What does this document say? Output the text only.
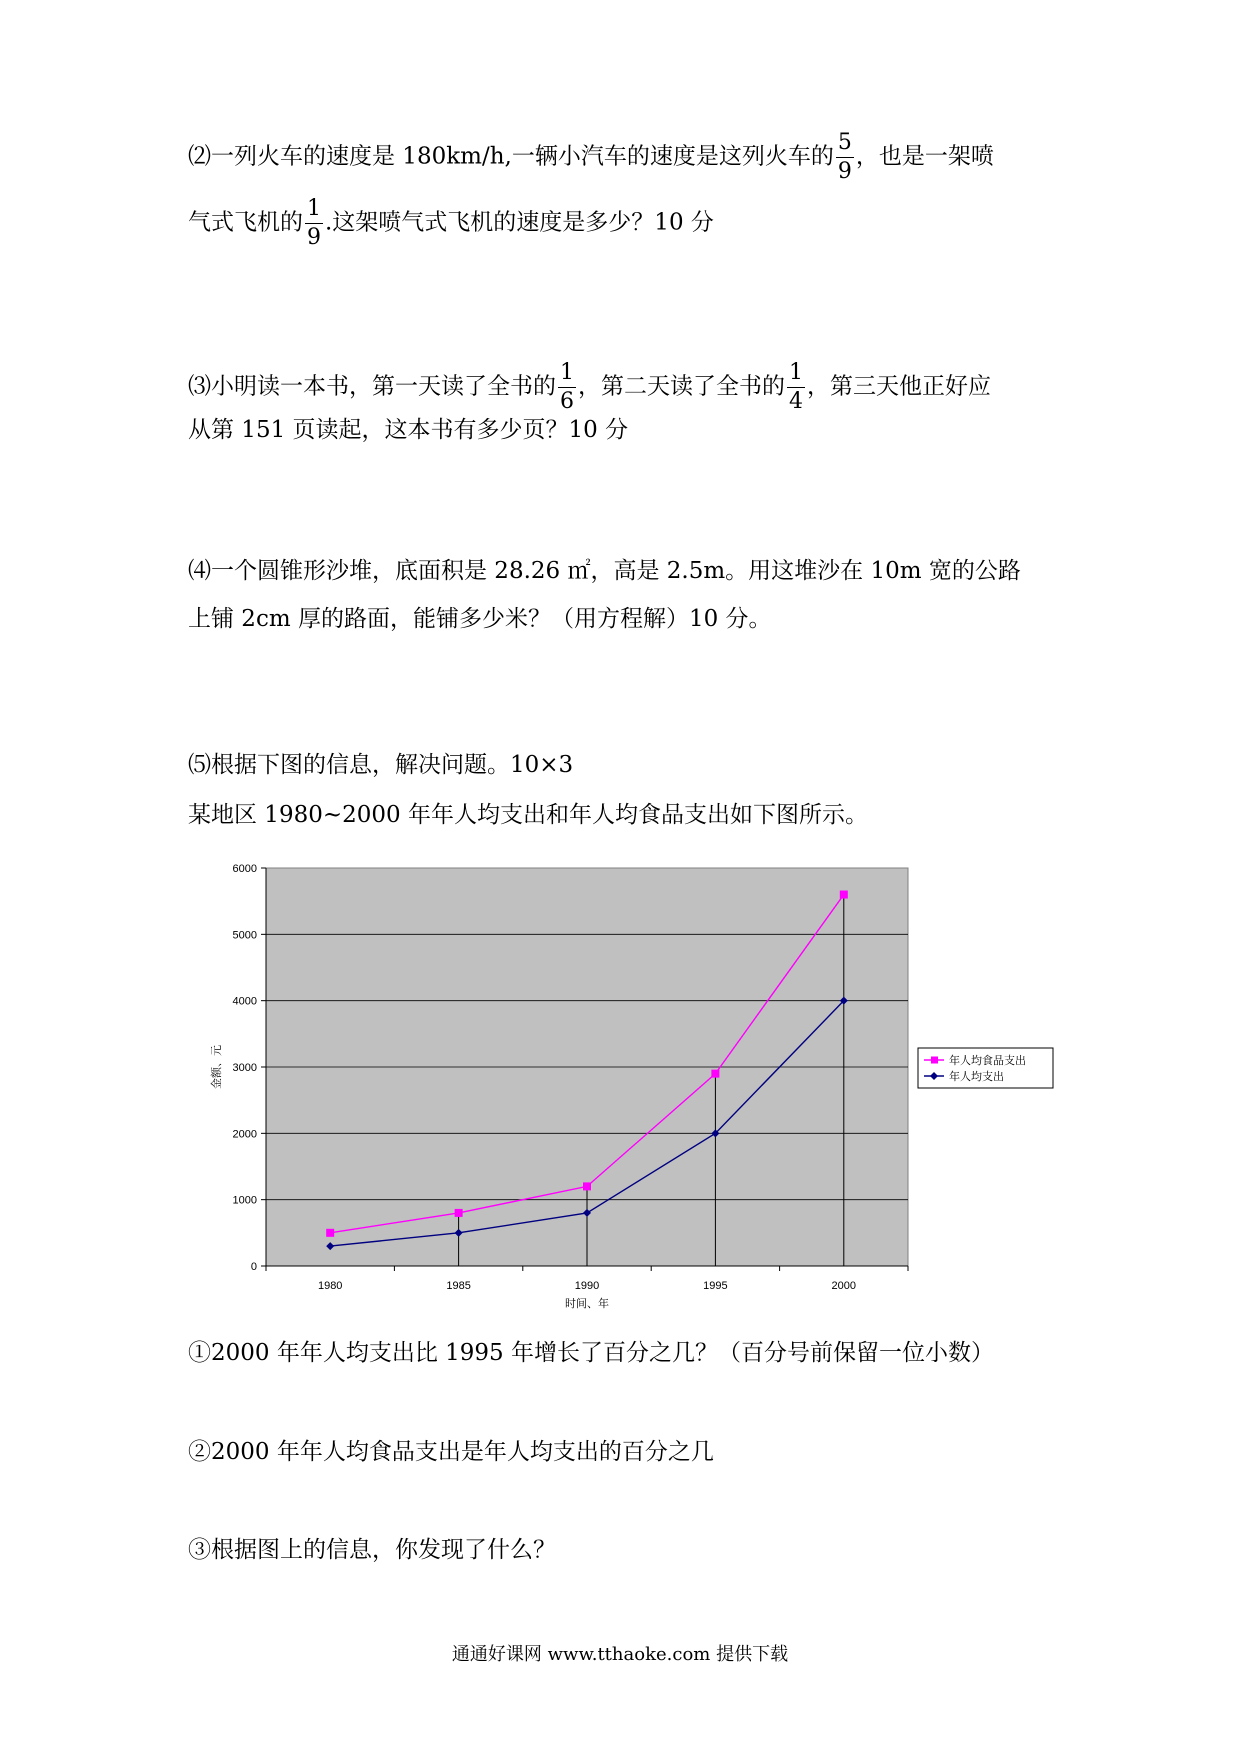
⑵一列火车的速度是 180km/h,一辆小汽车的速度是这列火车的 $\frac{5}{9}$ ，也是一架喷
气式飞机的 $\frac{1}{9}$ .这架喷气式飞机的速度是多少？10 分
⑶小明读一本书，第一天读了全书的 $\frac{1}{6}$ ，第二天读了全书的 $\frac{1}{4}$ ，第三天他正好应
从第 151 页读起，这本书有多少页？10 分
⑷一个圆锥形沙堆，底面积是 28.26 ㎡，高是 2.5m。用这堆沙在 10m 宽的公路
上铺 2cm 厚的路面，能铺多少米？（用方程解）10 分。
⑸根据下图的信息，解决问题。10×3
某地区 1980~2000 年年人均支出和年人均食品支出如下图所示。
1980	1985	1990	1995	2000
0
1000
2000
3000
4000
5000
6000
时间、年
金额、元	年人均食品支出
年人均支出
①2000 年年人均支出比 1995 年增长了百分之几？（百分号前保留一位小数）
②2000 年年人均食品支出是年人均支出的百分之几
③根据图上的信息，你发现了什么？
通通好课网 www.tthaoke.com 提供下载
